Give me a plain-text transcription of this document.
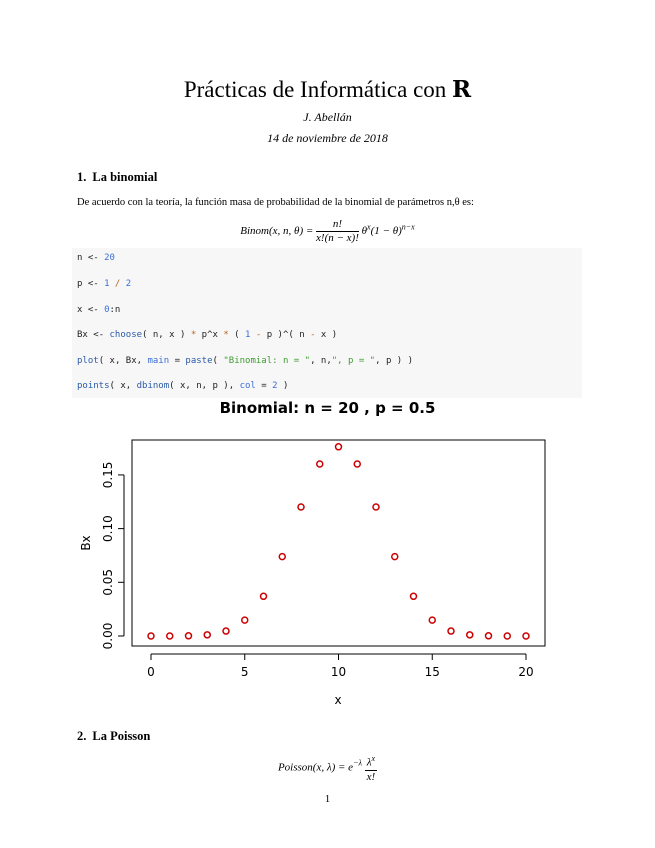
Prácticas de Informática con R
J. Abellán
14 de noviembre de 2018
1. La binomial
De acuerdo con la teoría, la función masa de probabilidad de la binomial de parámetros n,θ es:
Binom(x, n, $\theta) = \frac{n!}{x!(n - x)!} \theta^x(1 - \theta)^{n-x}$
n <- 20
p <- 1 / 2
x <- 0:n
Bx <- choose( n, x ) * p^x * ( 1 - p )^( n - x )
plot( x, Bx, main = paste( "Binomial: n = ", n,", p = ", p ) )
points( x, dbinom( x, n, p ), col = 2 )
Binomial: n = 20 , p = 0.5
0	5	10	15	20
0.00
0.05
0.10
0.15
x
Bx
2. La Poisson
Poisson(x, $\lambda) = e^{-\lambda} \frac{\lambda^x}{x!}$
1
